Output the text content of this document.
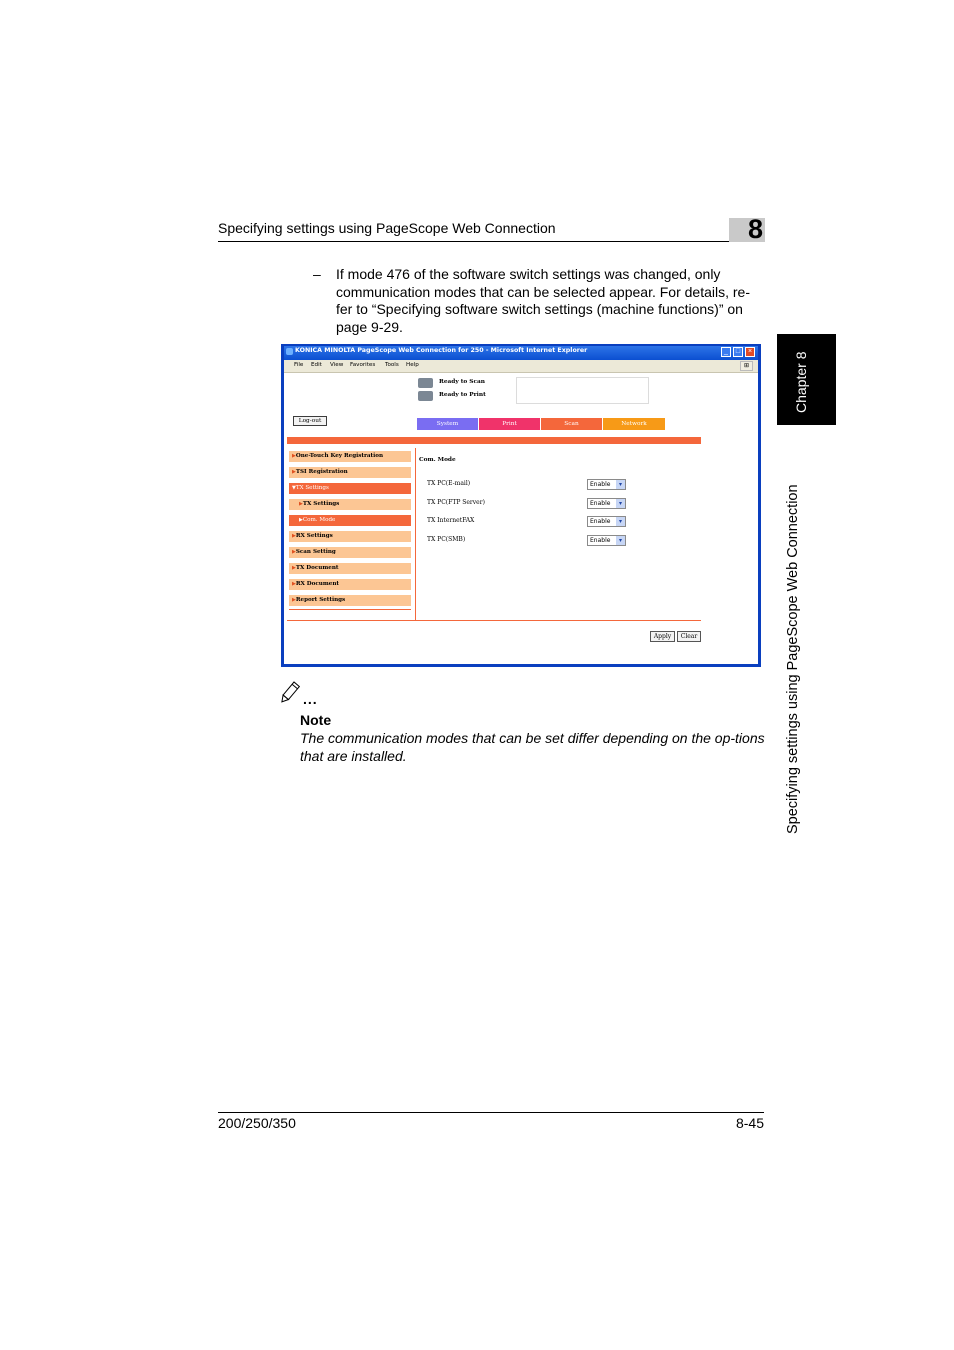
Specifying settings using PageScope Web Connection	8
Chapter 8
Specifying settings using PageScope Web Connection
– If mode 476 of the software switch settings was changed, only communication modes that can be selected appear. For details, re-fer to “Specifying software switch settings (machine functions)” on page 9-29.
KONICA MINOLTA PageScope Web Connection for 250 - Microsoft Internet Explorer	_	□	×
File Edit View Favorites Tools Help	⊞
Ready to Scan
Ready to Print
Log-out	System	Print	Scan	Network
▶One-Touch Key Registration
▶TSI Registration
▼TX Settings
▶TX Settings
▶Com. Mode
▶RX Settings
▶Scan Setting
▶TX Document
▶RX Document
▶Report Settings
Com. Mode
TX PC(E-mail)	Enable	▾
TX PC(FTP Server)	Enable	▾
TX InternetFAX	Enable	▾
TX PC(SMB)	Enable	▾
Apply	Clear
...
Note
The communication modes that can be set differ depending on the op-tions that are installed.
200/250/350	8-45
